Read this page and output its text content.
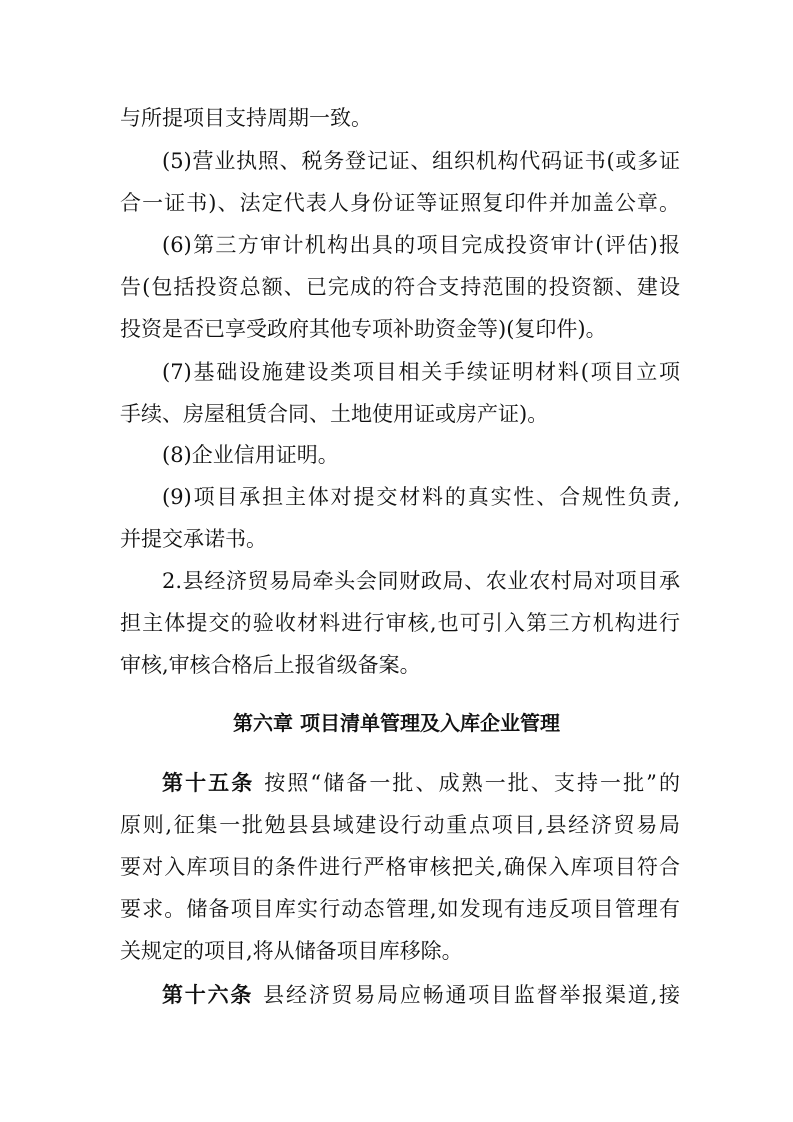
与所提项目支持周期一致。
(5)营业执照、税务登记证、组织机构代码证书(或多证
合一证书)、法定代表人身份证等证照复印件并加盖公章。
(6)第三方审计机构出具的项目完成投资审计(评估)报
告(包括投资总额、已完成的符合支持范围的投资额、建设
投资是否已享受政府其他专项补助资金等)(复印件)。
(7)基础设施建设类项目相关手续证明材料(项目立项
手续、房屋租赁合同、土地使用证或房产证)。
(8)企业信用证明。
(9)项目承担主体对提交材料的真实性、合规性负责,
并提交承诺书。
2.县经济贸易局牵头会同财政局、农业农村局对项目承
担主体提交的验收材料进行审核,也可引入第三方机构进行
审核,审核合格后上报省级备案。
第六章 项目清单管理及入库企业管理
第十五条 按照“储备一批、成熟一批、支持一批”的
原则,征集一批勉县县域建设行动重点项目,县经济贸易局
要对入库项目的条件进行严格审核把关,确保入库项目符合
要求。储备项目库实行动态管理,如发现有违反项目管理有
关规定的项目,将从储备项目库移除。
第十六条 县经济贸易局应畅通项目监督举报渠道,接
